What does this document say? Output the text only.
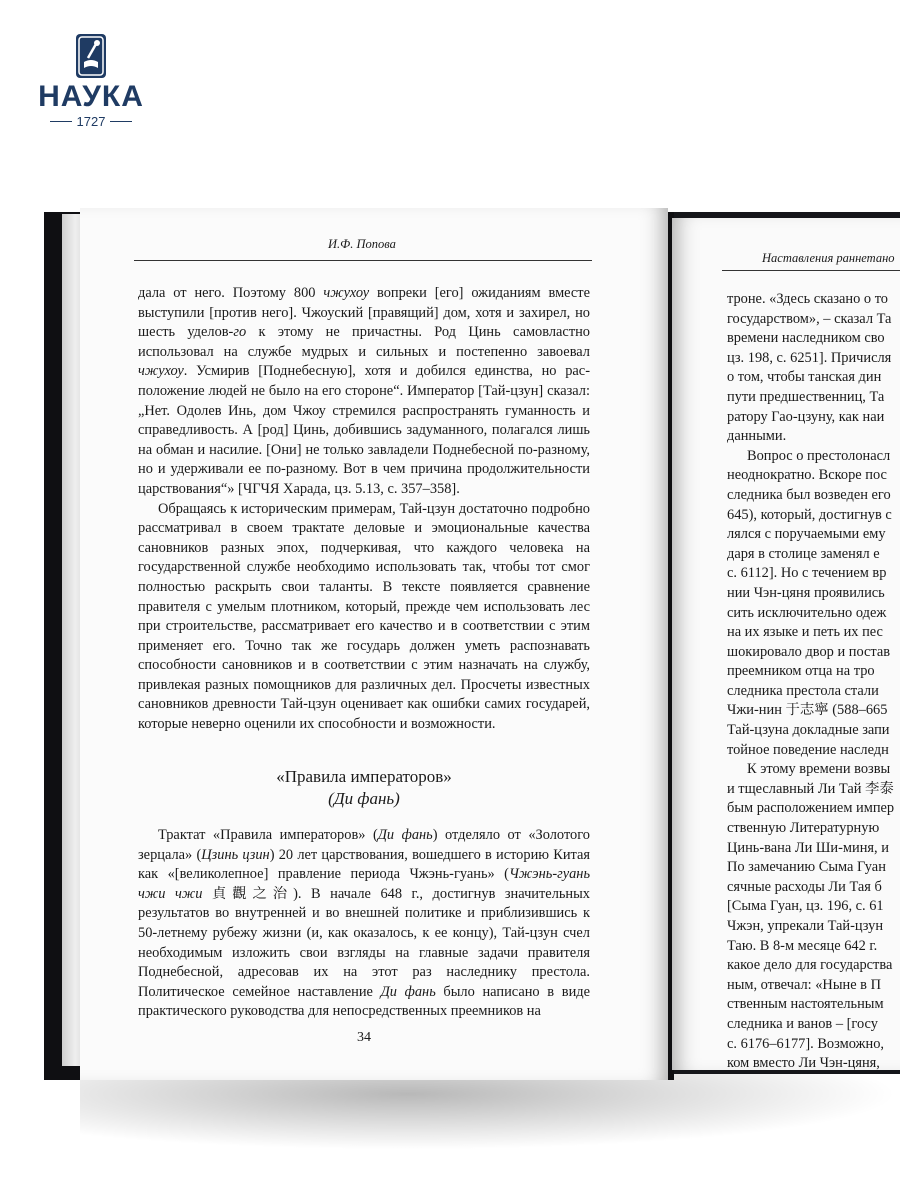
НАУКА
1727
И.Ф. Попова

дала от него. Поэтому 800 чжухоу вопреки [его] ожиданиям вместе выступили [против него]. Чжоуский [правящий] дом, хотя и захирел, но шесть уделов-го к этому не причастны. Род Цинь самовластно использовал на службе мудрых и сильных и постепенно завоевал чжухоу. Усмирив [Поднебесную], хотя и добился единства, но расположение людей не было на его стороне“. Император [Тай-цзун] сказал: „Нет. Одолев Инь, дом Чжоу стремился распространять гуманность и справедливость. А [род] Цинь, добившись задуманного, полагался лишь на обман и насилие. [Они] не только завладели Поднебесной по-разному, но и удерживали ее по-разному. Вот в чем причина продолжительности царствования“» [ЧГЧЯ Харада, цз. 5.13, с. 357–358].

Обращаясь к историческим примерам, Тай-цзун достаточно подробно рассматривал в своем трактате деловые и эмоциональные качества сановников разных эпох, подчеркивая, что каждого человека на государственной службе необходимо использовать так, чтобы тот смог полностью раскрыть свои таланты. В тексте появляется сравнение правителя с умелым плотником, который, прежде чем использовать лес при строительстве, рассматривает его качество и в соответствии с этим применяет его. Точно так же государь должен уметь распознавать способности сановников и в соответствии с этим назначать на службу, привлекая разных помощников для различных дел. Просчеты известных сановников древности Тай-цзун оценивает как ошибки самих государей, которые неверно оценили их способности и возможности.

«Правила императоров»
(Ди фань)

Трактат «Правила императоров» (Ди фань) отделяло от «Золотого зерцала» (Цзинь цзин) 20 лет царствования, вошедшего в историю Китая как «[великолепное] правление периода Чжэнь-гуань» (Чжэнь-гуань чжи чжи 貞觀之治). В начале 648 г., достигнув значительных результатов во внутренней и во внешней политике и приблизившись к 50-летнему рубежу жизни (и, как оказалось, к ее концу), Тай-цзун счел необходимым изложить свои взгляды на главные задачи правителя Поднебесной, адресовав их на этот раз наследнику престола. Политическое семейное наставление Ди фань было написано в виде практического руководства для непосредственных преемников на

34
Наставления раннетано
троне. «Здесь сказано о то
государством», – сказал Та
времени наследником сво
цз. 198, с. 6251]. Причисля
о том, чтобы танская дин
пути предшественниц, Та
ратору Гао-цзуну, как наи
данными.
Вопрос о престолонасл
неоднократно. Вскоре пос
следника был возведен его
645), который, достигнув с
лялся с поручаемыми ему
даря в столице заменял е
с. 6112]. Но с течением вр
нии Чэн-цяня проявились
сить исключительно одеж
на их языке и петь их пес
шокировало двор и постав
преемником отца на тро
следника престола стали
Чжи-нин 于志寧 (588–665
Тай-цзуна докладные запи
тойное поведение наследн
К этому времени возвы
и тщеславный Ли Тай 李泰
бым расположением импер
ственную Литературную
Цинь-вана Ли Ши-миня, и
По замечанию Сыма Гуан
сячные расходы Ли Тая б
[Сыма Гуан, цз. 196, с. 61
Чжэн, упрекали Тай-цзун
Таю. В 8-м месяце 642 г.
какое дело для государства
ным, отвечал: «Ныне в П
ственным настоятельным
следника и ванов – [госу
с. 6176–6177]. Возможно,
ком вместо Ли Чэн-цяня,
